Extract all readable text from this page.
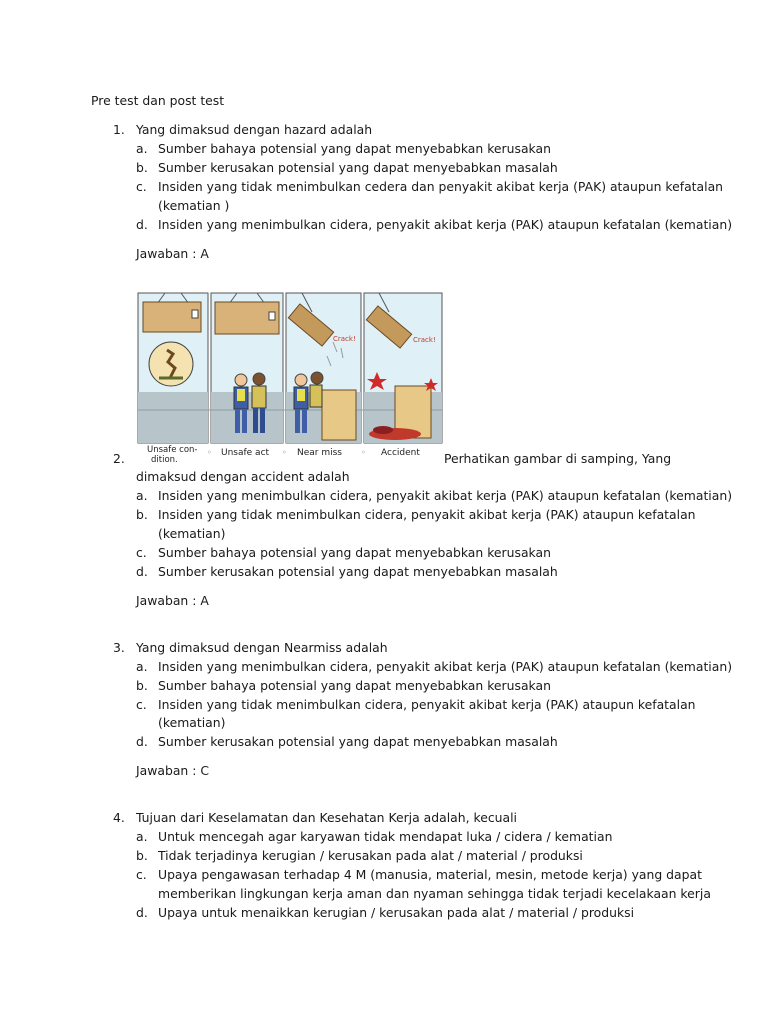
Pre test dan post test
1. Yang dimaksud dengan hazard adalah
a. Sumber bahaya potensial yang dapat menyebabkan kerusakan
b. Sumber kerusakan potensial yang dapat menyebabkan masalah
c. Insiden yang tidak menimbulkan cedera dan penyakit akibat kerja (PAK) ataupun kefatalan
(kematian )
d. Insiden yang menimbulkan cidera, penyakit akibat kerja (PAK) ataupun kefatalan (kematian)
Jawaban : A
Crack!	Crack!
Unsafe con-
dition.
◦ Unsafe act ◦ Near miss ◦ Accident
2.	Perhatikan gambar di samping, Yang
dimaksud dengan accident adalah
a. Insiden yang menimbulkan cidera, penyakit akibat kerja (PAK) ataupun kefatalan (kematian)
b. Insiden yang tidak menimbulkan cidera, penyakit akibat kerja (PAK) ataupun kefatalan
(kematian)
c. Sumber bahaya potensial yang dapat menyebabkan kerusakan
d. Sumber kerusakan potensial yang dapat menyebabkan masalah
Jawaban : A
3. Yang dimaksud dengan Nearmiss adalah
a. Insiden yang menimbulkan cidera, penyakit akibat kerja (PAK) ataupun kefatalan (kematian)
b. Sumber bahaya potensial yang dapat menyebabkan kerusakan
c. Insiden yang tidak menimbulkan cidera, penyakit akibat kerja (PAK) ataupun kefatalan
(kematian)
d. Sumber kerusakan potensial yang dapat menyebabkan masalah
Jawaban : C
4. Tujuan dari Keselamatan dan Kesehatan Kerja adalah, kecuali
a. Untuk mencegah agar karyawan tidak mendapat luka / cidera / kematian
b. Tidak terjadinya kerugian / kerusakan pada alat / material / produksi
c. Upaya pengawasan terhadap 4 M (manusia, material, mesin, metode kerja) yang dapat
memberikan lingkungan kerja aman dan nyaman sehingga tidak terjadi kecelakaan kerja
d. Upaya untuk menaikkan kerugian / kerusakan pada alat / material / produksi
